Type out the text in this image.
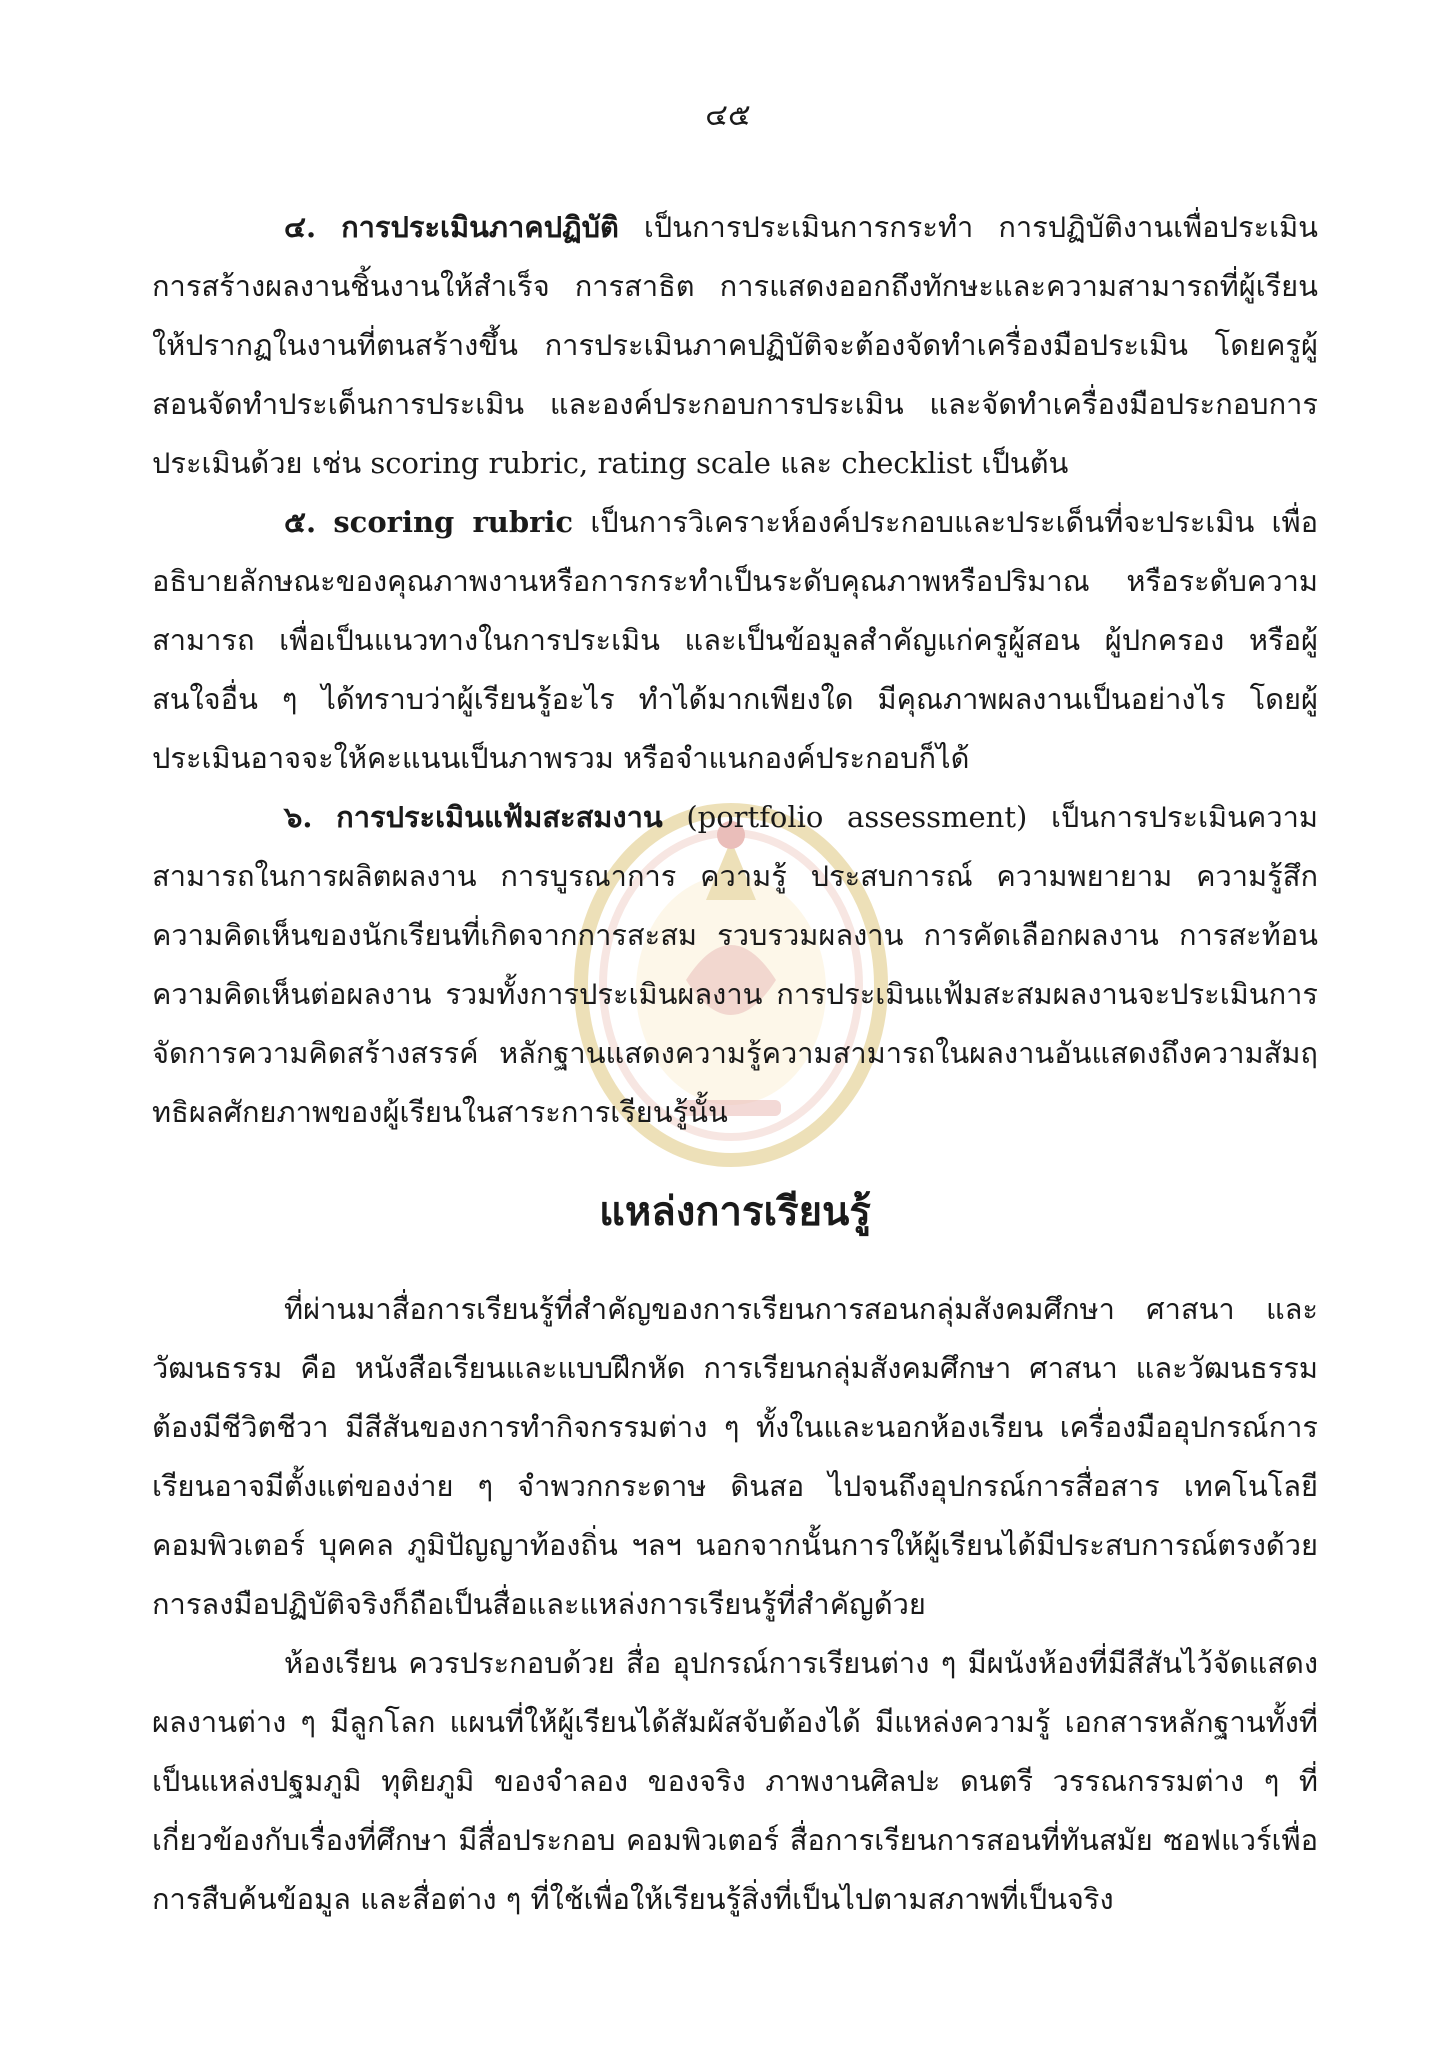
๔๕

๔. การประเมินภาคปฏิบัติ เป็นการประเมินการกระทำ การปฏิบัติงานเพื่อประเมินการสร้างผลงานชิ้นงานให้สำเร็จ การสาธิต การแสดงออกถึงทักษะและความสามารถที่ผู้เรียนให้ปรากฏในงานที่ตนสร้างขึ้น การประเมินภาคปฏิบัติจะต้องจัดทำเครื่องมือประเมิน โดยครูผู้สอนจัดทำประเด็นการประเมิน และองค์ประกอบการประเมิน และจัดทำเครื่องมือประกอบการประเมินด้วย เช่น scoring rubric, rating scale และ checklist เป็นต้น

๕. scoring rubric เป็นการวิเคราะห์องค์ประกอบและประเด็นที่จะประเมิน เพื่ออธิบายลักษณะของคุณภาพงานหรือการกระทำเป็นระดับคุณภาพหรือปริมาณ หรือระดับความสามารถ เพื่อเป็นแนวทางในการประเมิน และเป็นข้อมูลสำคัญแก่ครูผู้สอน ผู้ปกครอง หรือผู้สนใจอื่น ๆ ได้ทราบว่าผู้เรียนรู้อะไร ทำได้มากเพียงใด มีคุณภาพผลงานเป็นอย่างไร โดยผู้ประเมินอาจจะให้คะแนนเป็นภาพรวม หรือจำแนกองค์ประกอบก็ได้

๖. การประเมินแฟ้มสะสมงาน (portfolio assessment) เป็นการประเมินความสามารถในการผลิตผลงาน การบูรณาการ ความรู้ ประสบการณ์ ความพยายาม ความรู้สึก ความคิดเห็นของนักเรียนที่เกิดจากการสะสม รวบรวมผลงาน การคัดเลือกผลงาน การสะท้อนความคิดเห็นต่อผลงาน รวมทั้งการประเมินผลงาน การประเมินแฟ้มสะสมผลงานจะประเมินการจัดการความคิดสร้างสรรค์ หลักฐานแสดงความรู้ความสามารถในผลงานอันแสดงถึงความสัมฤทธิผลศักยภาพของผู้เรียนในสาระการเรียนรู้นั้น

แหล่งการเรียนรู้

ที่ผ่านมาสื่อการเรียนรู้ที่สำคัญของการเรียนการสอนกลุ่มสังคมศึกษา ศาสนา และวัฒนธรรม คือ หนังสือเรียนและแบบฝึกหัด การเรียนกลุ่มสังคมศึกษา ศาสนา และวัฒนธรรมต้องมีชีวิตชีวา มีสีสันของการทำกิจกรรมต่าง ๆ ทั้งในและนอกห้องเรียน เครื่องมืออุปกรณ์การเรียนอาจมีตั้งแต่ของง่าย ๆ จำพวกกระดาษ ดินสอ ไปจนถึงอุปกรณ์การสื่อสาร เทคโนโลยี คอมพิวเตอร์ บุคคล ภูมิปัญญาท้องถิ่น ฯลฯ นอกจากนั้นการให้ผู้เรียนได้มีประสบการณ์ตรงด้วยการลงมือปฏิบัติจริงก็ถือเป็นสื่อและแหล่งการเรียนรู้ที่สำคัญด้วย

ห้องเรียน ควรประกอบด้วย สื่อ อุปกรณ์การเรียนต่าง ๆ มีผนังห้องที่มีสีสันไว้จัดแสดงผลงานต่าง ๆ มีลูกโลก แผนที่ให้ผู้เรียนได้สัมผัสจับต้องได้ มีแหล่งความรู้ เอกสารหลักฐานทั้งที่เป็นแหล่งปฐมภูมิ ทุติยภูมิ ของจำลอง ของจริง ภาพงานศิลปะ ดนตรี วรรณกรรมต่าง ๆ ที่เกี่ยวข้องกับเรื่องที่ศึกษา มีสื่อประกอบ คอมพิวเตอร์ สื่อการเรียนการสอนที่ทันสมัย ซอฟแวร์เพื่อการสืบค้นข้อมูล และสื่อต่าง ๆ ที่ใช้เพื่อให้เรียนรู้สิ่งที่เป็นไปตามสภาพที่เป็นจริง
